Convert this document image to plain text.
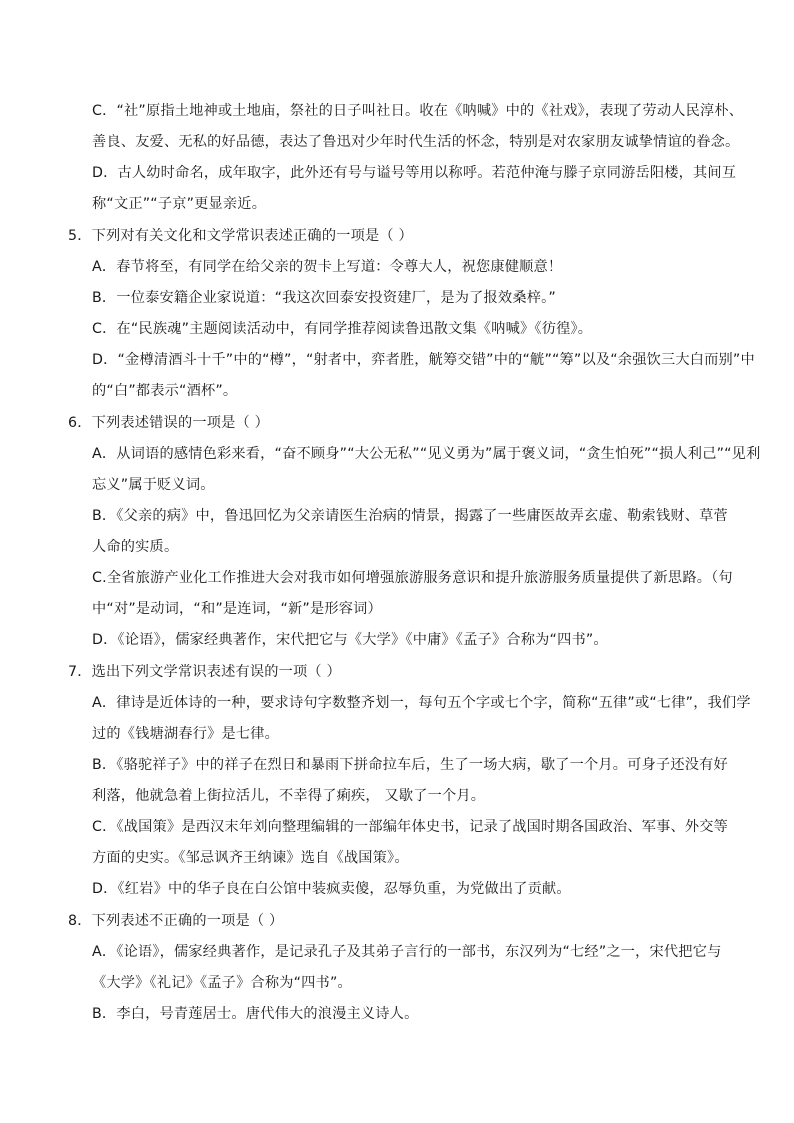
C．“社”原指土地神或土地庙，祭社的日子叫社日。收在《呐喊》中的《社戏》，表现了劳动人民淳朴、
善良、友爱、无私的好品德，表达了鲁迅对少年时代生活的怀念，特别是对农家朋友诚挚情谊的眷念。
D．古人幼时命名，成年取字，此外还有号与谥号等用以称呼。若范仲淹与滕子京同游岳阳楼，其间互
称“文正”“子京”更显亲近。
5．下列对有关文化和文学常识表述正确的一项是（ ）
A．春节将至，有同学在给父亲的贺卡上写道：令尊大人，祝您康健顺意！
B．一位泰安籍企业家说道：“我这次回泰安投资建厂，是为了报效桑梓。”
C．在“民族魂”主题阅读活动中，有同学推荐阅读鲁迅散文集《呐喊》《彷徨》。
D．“金樽清酒斗十千”中的“樽”，“射者中，弈者胜，觥筹交错”中的“觥”“筹”以及“余强饮三大白而别”中
的“白”都表示“酒杯”。
6．下列表述错误的一项是（ ）
A．从词语的感情色彩来看，“奋不顾身”“大公无私”“见义勇为”属于褒义词，“贪生怕死”“损人利己”“见利
忘义”属于贬义词。
B．《父亲的病》中，鲁迅回忆为父亲请医生治病的情景，揭露了一些庸医故弄玄虚、勒索钱财、草菅
人命的实质。
C.全省旅游产业化工作推进大会对我市如何增强旅游服务意识和提升旅游服务质量提供了新思路。（句
中“对”是动词，“和”是连词，“新”是形容词）
D．《论语》，儒家经典著作，宋代把它与《大学》《中庸》《孟子》合称为“四书”。
7．选出下列文学常识表述有误的一项（ ）
A．律诗是近体诗的一种，要求诗句字数整齐划一，每句五个字或七个字，简称“五律”或“七律”，我们学
过的《钱塘湖春行》是七律。
B．《骆驼祥子》中的祥子在烈日和暴雨下拼命拉车后，生了一场大病，歇了一个月。可身子还没有好
利落，他就急着上街拉活儿，不幸得了痢疾， 又歇了一个月。
C．《战国策》是西汉末年刘向整理编辑的一部编年体史书，记录了战国时期各国政治、军事、外交等
方面的史实。《邹忌讽齐王纳谏》选自《战国策》。
D．《红岩》中的华子良在白公馆中装疯卖傻，忍辱负重，为党做出了贡献。
8．下列表述不正确的一项是（ ）
A．《论语》，儒家经典著作，是记录孔子及其弟子言行的一部书，东汉列为“七经”之一，宋代把它与
《大学》《礼记》《孟子》合称为“四书”。
B．李白，号青莲居士。唐代伟大的浪漫主义诗人。
